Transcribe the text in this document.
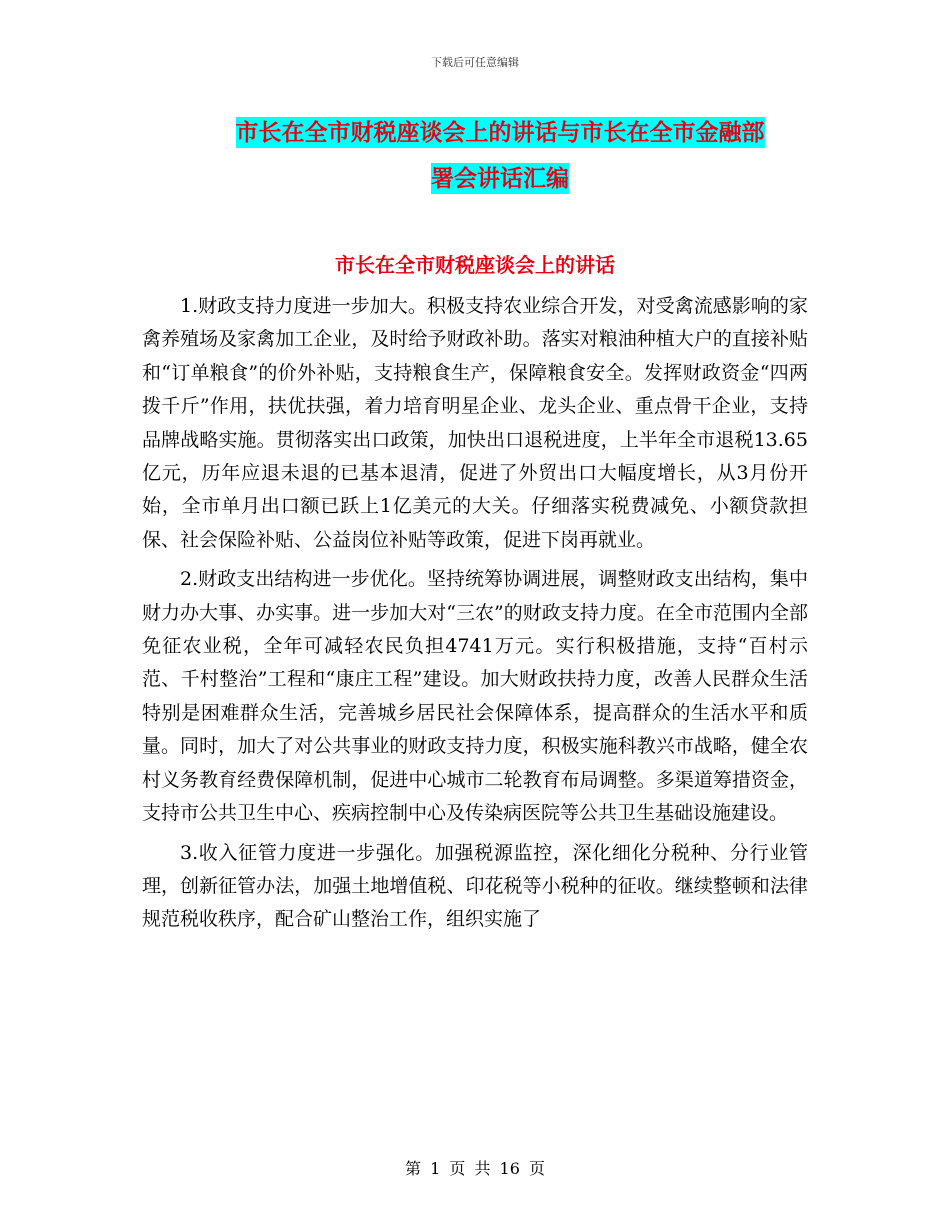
下载后可任意编辑
市长在全市财税座谈会上的讲话与市长在全市金融部
署会讲话汇编
市长在全市财税座谈会上的讲话

1.财政支持力度进一步加大。积极支持农业综合开发，对受禽流感影响的家禽养殖场及家禽加工企业，及时给予财政补助。落实对粮油种植大户的直接补贴和“订单粮食”的价外补贴，支持粮食生产，保障粮食安全。发挥财政资金“四两拨千斤”作用，扶优扶强，着力培育明星企业、龙头企业、重点骨干企业，支持品牌战略实施。贯彻落实出口政策，加快出口退税进度，上半年全市退税13.65亿元，历年应退未退的已基本退清，促进了外贸出口大幅度增长，从3月份开始，全市单月出口额已跃上1亿美元的大关。仔细落实税费减免、小额贷款担保、社会保险补贴、公益岗位补贴等政策，促进下岗再就业。

2.财政支出结构进一步优化。坚持统筹协调进展，调整财政支出结构，集中财力办大事、办实事。进一步加大对“三农”的财政支持力度。在全市范围内全部免征农业税，全年可减轻农民负担4741万元。实行积极措施，支持“百村示范、千村整治”工程和“康庄工程”建设。加大财政扶持力度，改善人民群众生活特别是困难群众生活，完善城乡居民社会保障体系，提高群众的生活水平和质量。同时，加大了对公共事业的财政支持力度，积极实施科教兴市战略，健全农村义务教育经费保障机制，促进中心城市二轮教育布局调整。多渠道筹措资金，支持市公共卫生中心、疾病控制中心及传染病医院等公共卫生基础设施建设。

3.收入征管力度进一步强化。加强税源监控，深化细化分税种、分行业管理，创新征管办法，加强土地增值税、印花税等小税种的征收。继续整顿和法律规范税收秩序，配合矿山整治工作，组织实施了

第 1 页 共 16 页
